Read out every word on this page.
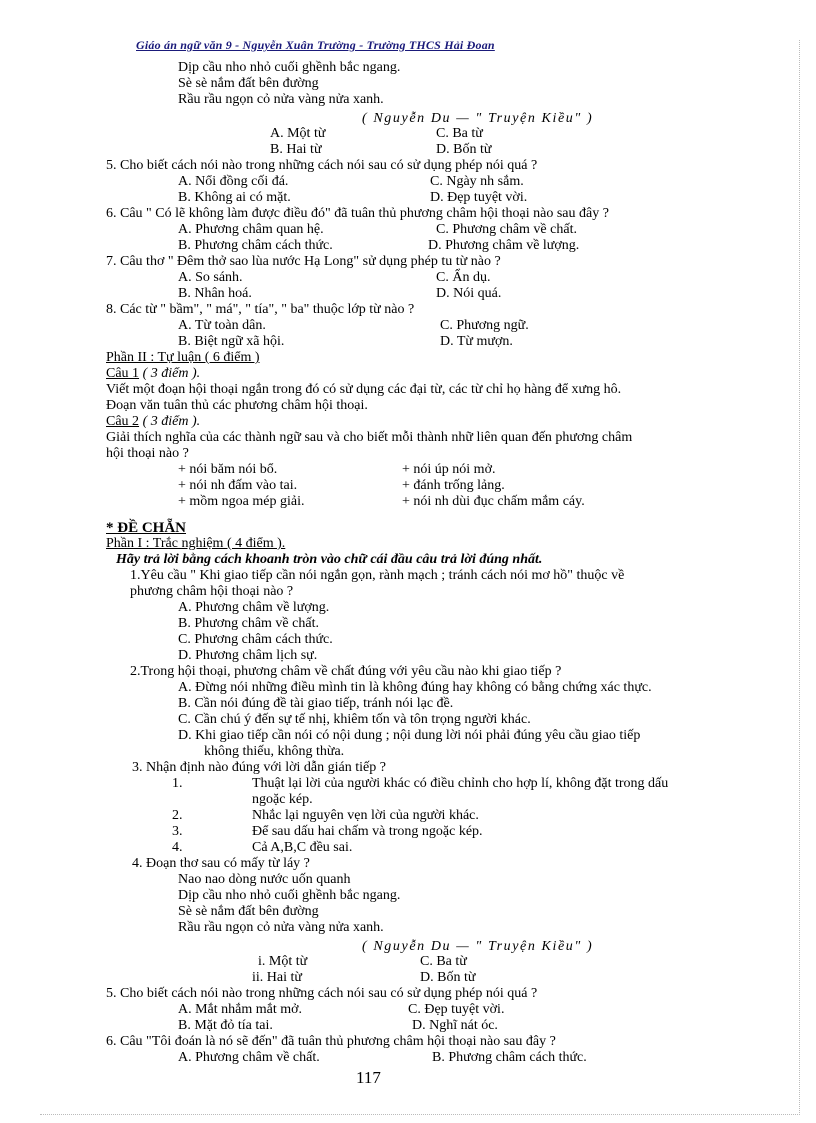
Giáo án ngữ văn 9 - Nguyễn Xuân Trường - Trường THCS Hải Đoan
Dịp cầu nho nhỏ cuối ghềnh bắc ngang.
Sè sè nắm đất bên đường
Rầu rầu ngọn cỏ nửa vàng nửa xanh.
( Nguyễn Du — " Truyện Kiều" )
A. Một từ	C. Ba từ
B. Hai từ	D. Bốn từ
5. Cho biết cách nói nào trong những cách nói sau có sử dụng phép nói quá ?
A. Nổi đồng cối đá.	C. Ngày nh sắm.
B. Không ai có mặt.	D. Đẹp tuyệt vời.
6. Câu " Có lẽ không làm được điều đó" đã tuân thủ phương châm hội thoại nào sau đây ?
A. Phương châm quan hệ.	C. Phương châm về chất.
B. Phương châm cách thức.	D. Phương châm về lượng.
7. Câu thơ " Đêm thở sao lùa nước Hạ Long" sử dụng phép tu từ nào ?
A. So sánh.	C. Ẩn dụ.
B. Nhân hoá.	D. Nói quá.
8. Các từ " bầm", " má", " tía", " ba" thuộc lớp từ nào ?
A. Từ toàn dân.	C. Phương ngữ.
B. Biệt ngữ xã hội.	D. Từ mượn.
Phần II : Tự luận ( 6 điểm )
Câu 1 ( 3 điểm ).
Viết một đoạn hội thoại ngắn trong đó có sử dụng các đại từ, các từ chỉ họ hàng để xưng hô.
Đoạn văn tuân thủ các phương châm hội thoại.
Câu 2 ( 3 điểm ).
Giải thích nghĩa của các thành ngữ sau và cho biết mỗi thành nhữ liên quan đến phương châm
hội thoại nào ?
+ nói băm nói bổ.	+ nói úp nói mở.
+ nói nh đấm vào tai.	+ đánh trống lảng.
+ mồm ngoa mép giải.	+ nói nh dùi đục chấm mắm cáy.
* ĐỀ CHẴN
Phần I : Trắc nghiệm ( 4 điểm ).
Hãy trả lời bằng cách khoanh tròn vào chữ cái đầu câu trả lời đúng nhất.
1.Yêu cầu " Khi giao tiếp cần nói ngắn gọn, rành mạch ; tránh cách nói mơ hồ" thuộc về
phương châm hội thoại nào ?
A. Phương châm về lượng.
B. Phương châm về chất.
C. Phương châm cách thức.
D. Phương châm lịch sự.
2.Trong hội thoại, phương châm về chất đúng với yêu cầu nào khi giao tiếp ?
A. Đừng nói những điều mình tin là không đúng hay không có bằng chứng xác thực.
B. Cần nói đúng đề tài giao tiếp, tránh nói lạc đề.
C. Cần chú ý đến sự tế nhị, khiêm tốn và tôn trọng người khác.
D. Khi giao tiếp cần nói có nội dung ; nội dung lời nói phải đúng yêu cầu giao tiếp
không thiếu, không thừa.
3. Nhận định nào đúng với lời dẫn gián tiếp ?
1.	Thuật lại lời của người khác có điều chỉnh cho hợp lí, không đặt trong dấu
ngoặc kép.
2.	Nhắc lại nguyên vẹn lời của người khác.
3.	Để sau dấu hai chấm và trong ngoặc kép.
4.	Cả A,B,C đều sai.
4. Đoạn thơ sau có mấy từ láy ?
Nao nao dòng nước uốn quanh
Dịp cầu nho nhỏ cuối ghềnh bắc ngang.
Sè sè nắm đất bên đường
Rầu rầu ngọn cỏ nửa vàng nửa xanh.
( Nguyễn Du — " Truyện Kiều" )
i. Một từ	C. Ba từ
ii. Hai từ	D. Bốn từ
5. Cho biết cách nói nào trong những cách nói sau có sử dụng phép nói quá ?
A. Mắt nhắm mắt mở.	C. Đẹp tuyệt vời.
B. Mặt đỏ tía tai.	D. Nghĩ nát óc.
6. Câu "Tôi đoán là nó sẽ đến" đã tuân thủ phương châm hội thoại nào sau đây ?
A. Phương châm về chất.	B. Phương châm cách thức.
117
